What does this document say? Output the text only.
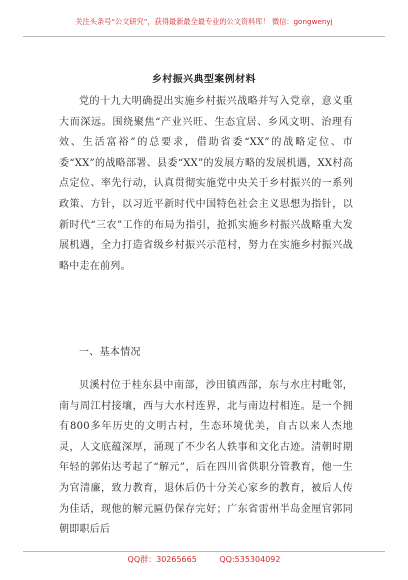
关注头条号“公文研究”，获得最新最全最专业的公文资料库！ 微信：gongwenyj
乡村振兴典型案例材料

党的十九大明确提出实施乡村振兴战略并写入党章，意义重大而深远。围绕聚焦“产业兴旺、生态宜居、乡风文明、治理有效、生活富裕”的总要求，借助省委“XX”的战略定位、市委“XX”的战略部署、县委“XX”的发展方略的发展机遇，XX村高点定位、率先行动，认真贯彻实施党中央关于乡村振兴的一系列政策、方针，以习近平新时代中国特色社会主义思想为指针，以新时代“三农”工作的布局为指引，抢抓实施乡村振兴战略重大发展机遇，全力打造省级乡村振兴示范村，努力在实施乡村振兴战略中走在前列。

一、基本情况

贝溪村位于桂东县中南部，沙田镇西部，东与水庄村毗邻，南与周江村接壤，西与大水村连界，北与南边村相连。是一个拥有800多年历史的文明古村，生态环境优美，自古以来人杰地灵，人文底蕴深厚，涌现了不少名人轶事和文化古迹。清朝时期年轻的郭佑达考起了“解元”，后在四川省供职分管教育，他一生为官清廉，致力教育，退休后仍十分关心家乡的教育，被后人传为佳话，现他的解元匾仍保存完好；广东省雷州半岛金厘官郭同朝即职后后

QQ群：30265665	QQ:535304092
